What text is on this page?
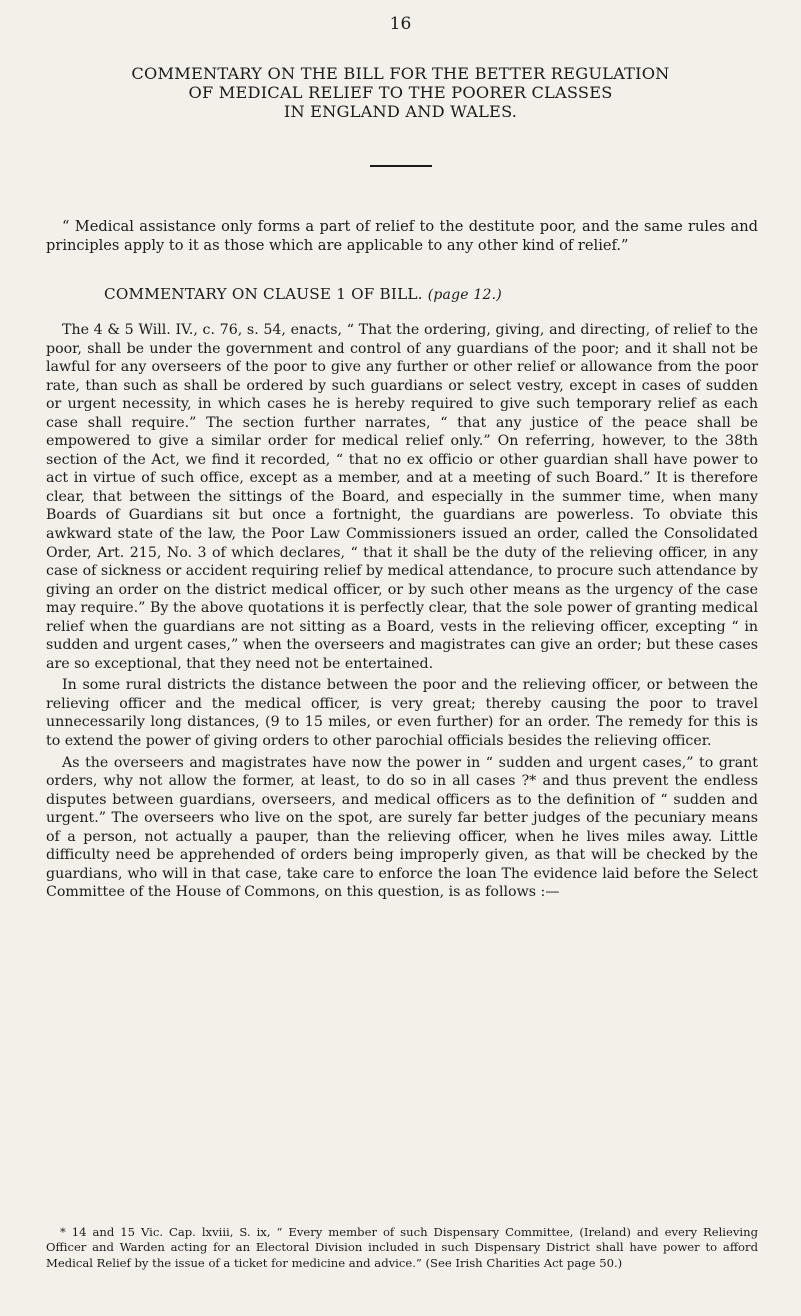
16
COMMENTARY ON THE BILL FOR THE BETTER REGULATION
OF MEDICAL RELIEF TO THE POORER CLASSES
IN ENGLAND AND WALES.
“ Medical assistance only forms a part of relief to the destitute poor, and the same rules and principles apply to it as those which are applicable to any other kind of relief.”
COMMENTARY ON CLAUSE 1 OF BILL. (page 12.)

The 4 & 5 Will. IV., c. 76, s. 54, enacts, “ That the ordering, giving, and directing, of relief to the poor, shall be under the government and control of any guardians of the poor; and it shall not be lawful for any overseers of the poor to give any further or other relief or allowance from the poor rate, than such as shall be ordered by such guardians or select vestry, except in cases of sudden or urgent necessity, in which cases he is hereby required to give such temporary relief as each case shall require.” The section further narrates, “ that any justice of the peace shall be empowered to give a similar order for medical relief only.” On referring, however, to the 38th section of the Act, we find it recorded, “ that no ex officio or other guardian shall have power to act in virtue of such office, except as a member, and at a meeting of such Board.” It is therefore clear, that between the sittings of the Board, and especially in the summer time, when many Boards of Guardians sit but once a fortnight, the guardians are powerless. To obviate this awkward state of the law, the Poor Law Commissioners issued an order, called the Consolidated Order, Art. 215, No. 3 of which declares, “ that it shall be the duty of the relieving officer, in any case of sickness or accident requiring relief by medical attendance, to procure such attendance by giving an order on the district medical officer, or by such other means as the urgency of the case may require.” By the above quotations it is perfectly clear, that the sole power of granting medical relief when the guardians are not sitting as a Board, vests in the relieving officer, excepting “ in sudden and urgent cases,” when the overseers and magistrates can give an order; but these cases are so exceptional, that they need not be entertained.

In some rural districts the distance between the poor and the relieving officer, or between the relieving officer and the medical officer, is very great; thereby causing the poor to travel unnecessarily long distances, (9 to 15 miles, or even further) for an order. The remedy for this is to extend the power of giving orders to other parochial officials besides the relieving officer.

As the overseers and magistrates have now the power in “ sudden and urgent cases,” to grant orders, why not allow the former, at least, to do so in all cases ?* and thus prevent the endless disputes between guardians, overseers, and medical officers as to the definition of “ sudden and urgent.” The overseers who live on the spot, are surely far better judges of the pecuniary means of a person, not actually a pauper, than the relieving officer, when he lives miles away. Little difficulty need be apprehended of orders being improperly given, as that will be checked by the guardians, who will in that case, take care to enforce the loan The evidence laid before the Select Committee of the House of Commons, on this question, is as follows :—

* 14 and 15 Vic. Cap. lxviii, S. ix, “ Every member of such Dispensary Committee, (Ireland) and every Relieving Officer and Warden acting for an Electoral Division included in such Dispensary District shall have power to afford Medical Relief by the issue of a ticket for medicine and advice.” (See Irish Charities Act page 50.)
